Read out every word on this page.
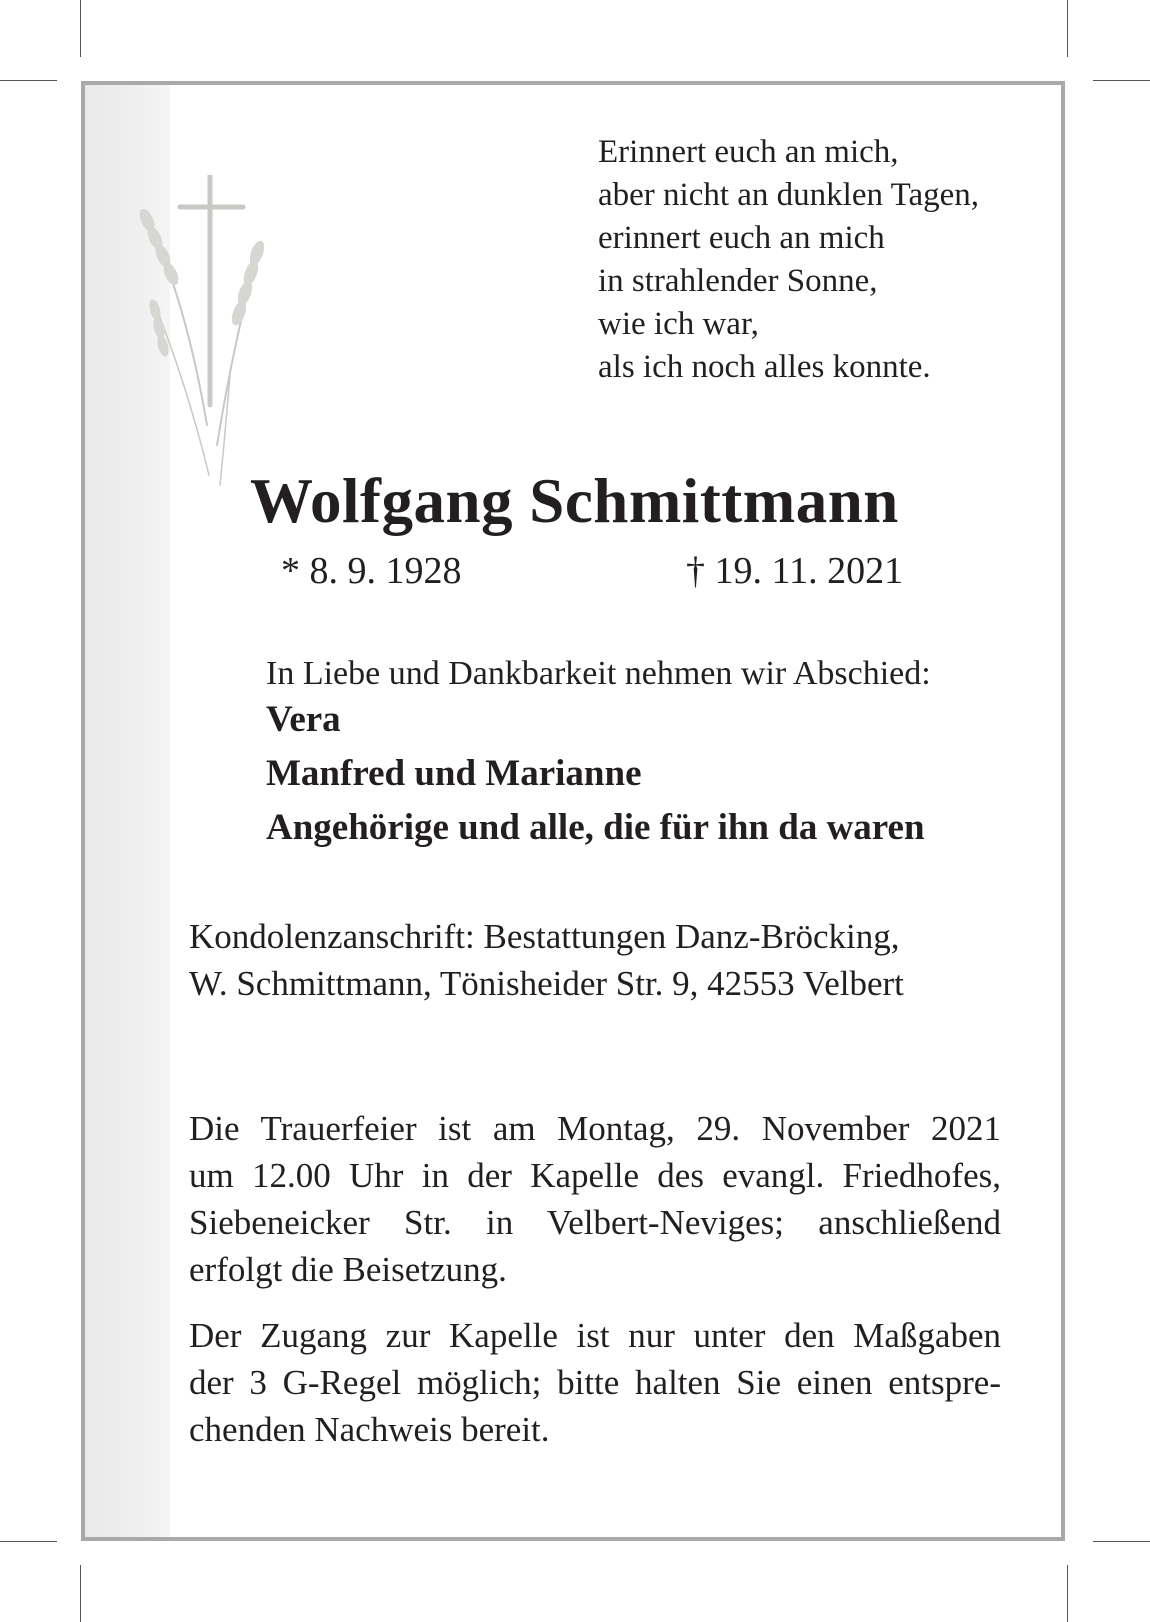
Erinnert euch an mich,
aber nicht an dunklen Tagen,
erinnert euch an mich
in strahlender Sonne,
wie ich war,
als ich noch alles konnte.
Wolfgang Schmittmann
* 8. 9. 1928	† 19. 11. 2021
In Liebe und Dankbarkeit nehmen wir Abschied:
Vera
Manfred und Marianne
Angehörige und alle, die für ihn da waren

Kondolenzanschrift: Bestattungen Danz-Bröcking,
W. Schmittmann, Tönisheider Str. 9, 42553 Velbert

Die Trauerfeier ist am Montag, 29. November 2021
um 12.00 Uhr in der Kapelle des evangl. Friedhofes,
Siebeneicker Str. in Velbert-Neviges; anschließend
erfolgt die Beisetzung.

Der Zugang zur Kapelle ist nur unter den Maßgaben
der 3 G-Regel möglich; bitte halten Sie einen entspre-
chenden Nachweis bereit.
